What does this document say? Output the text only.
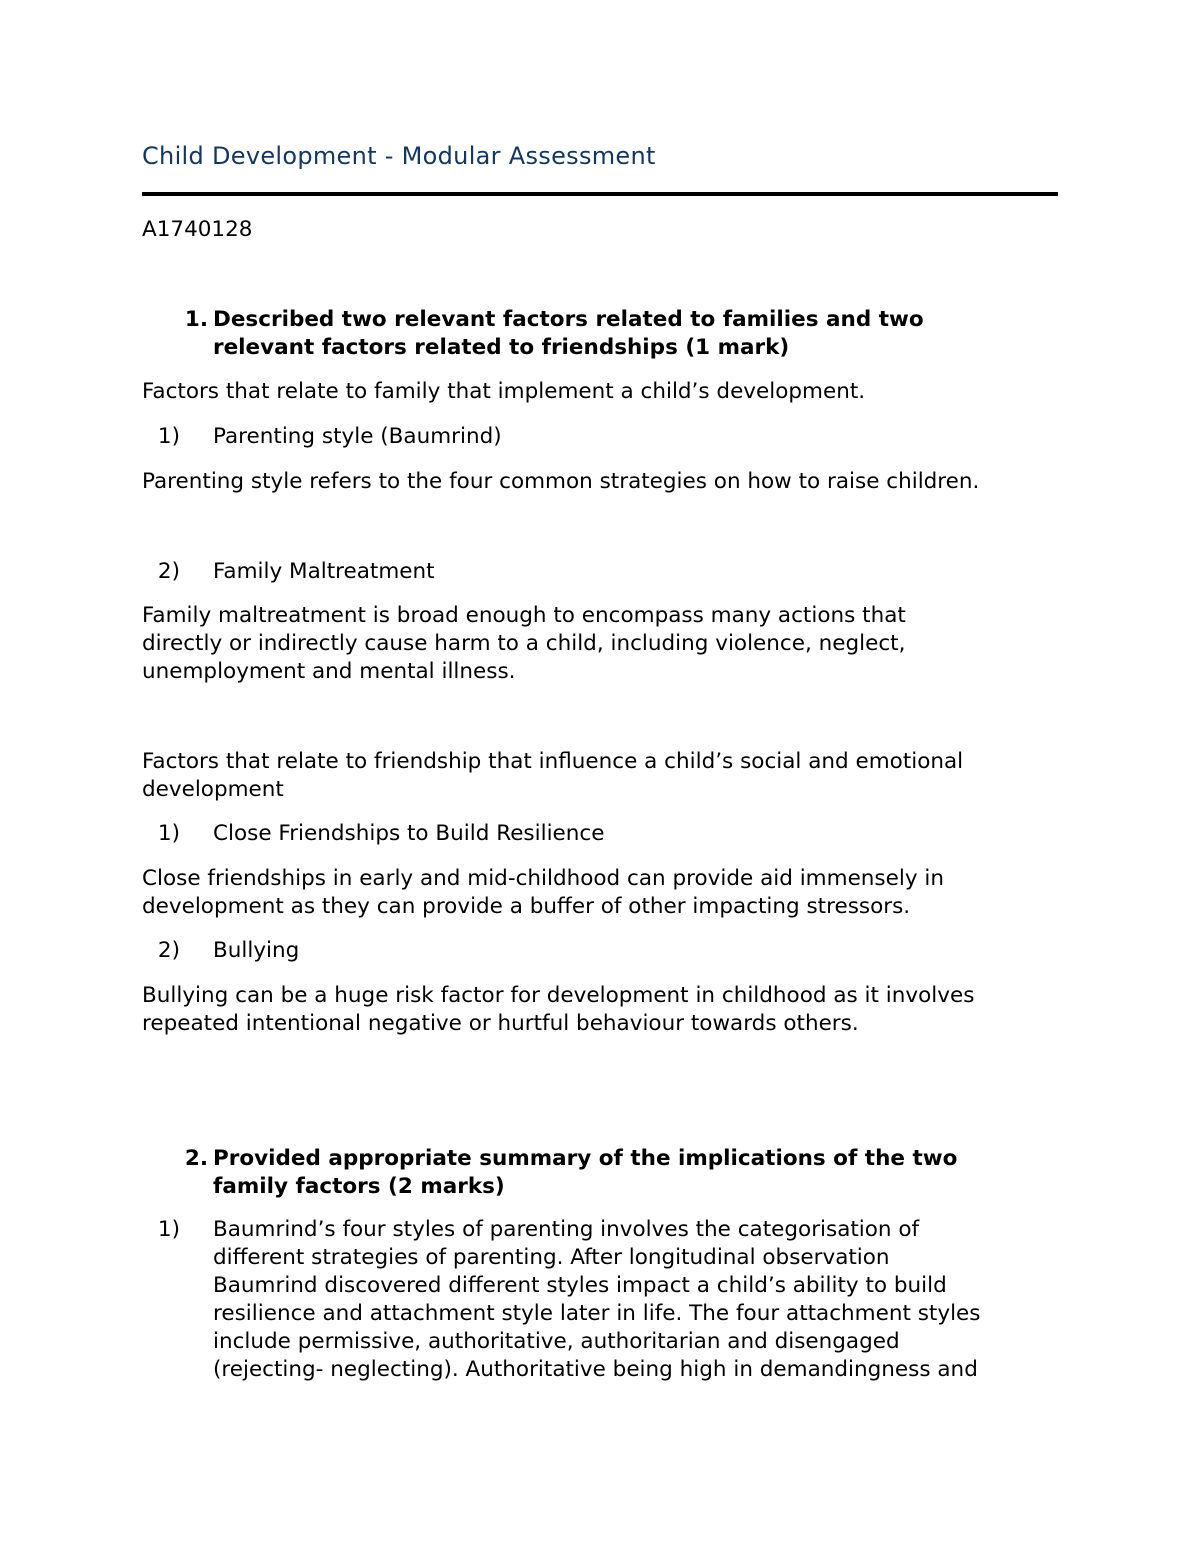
Child Development - Modular Assessment
A1740128
1. Described two relevant factors related to families and two
relevant factors related to friendships (1 mark)
Factors that relate to family that implement a child’s development.
1) Parenting style (Baumrind)
Parenting style refers to the four common strategies on how to raise children.
2) Family Maltreatment
Family maltreatment is broad enough to encompass many actions that
directly or indirectly cause harm to a child, including violence, neglect,
unemployment and mental illness.
Factors that relate to friendship that influence a child’s social and emotional
development
1) Close Friendships to Build Resilience
Close friendships in early and mid-childhood can provide aid immensely in
development as they can provide a buffer of other impacting stressors.
2) Bullying
Bullying can be a huge risk factor for development in childhood as it involves
repeated intentional negative or hurtful behaviour towards others.
2. Provided appropriate summary of the implications of the two
family factors (2 marks)
1) Baumrind’s four styles of parenting involves the categorisation of
different strategies of parenting. After longitudinal observation
Baumrind discovered different styles impact a child’s ability to build
resilience and attachment style later in life. The four attachment styles
include permissive, authoritative, authoritarian and disengaged
(rejecting- neglecting). Authoritative being high in demandingness and
